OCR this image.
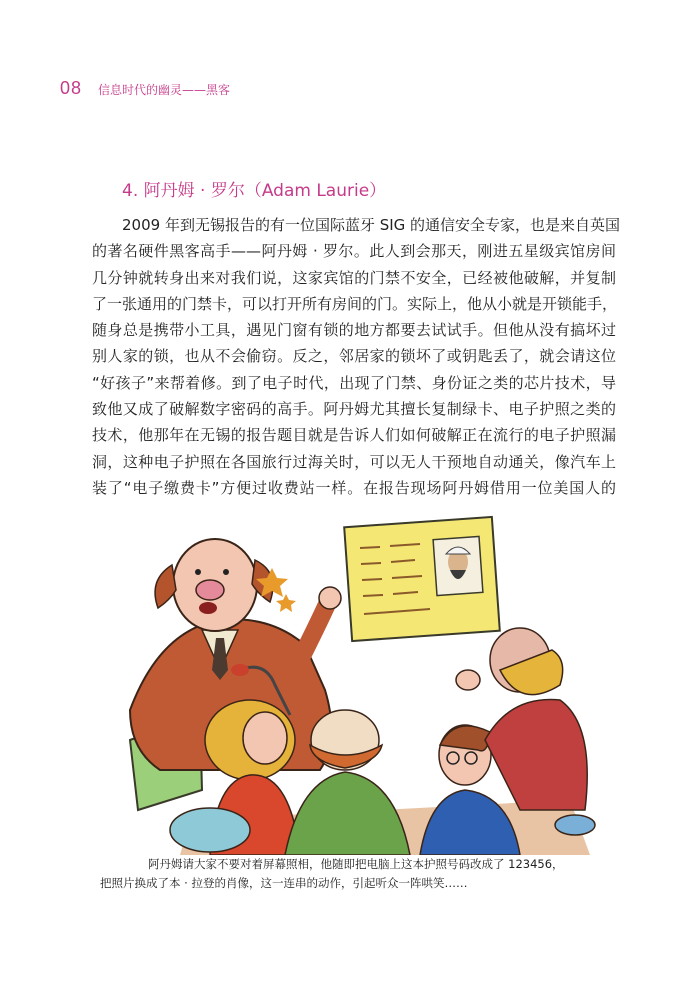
08 信息时代的幽灵——黑客
4. 阿丹姆 · 罗尔（Adam Laurie）
2009 年到无锡报告的有一位国际蓝牙 SIG 的通信安全专家，也是来自英国
的著名硬件黑客高手——阿丹姆 · 罗尔。此人到会那天，刚进五星级宾馆房间
几分钟就转身出来对我们说，这家宾馆的门禁不安全，已经被他破解，并复制
了一张通用的门禁卡，可以打开所有房间的门。实际上，他从小就是开锁能手，
随身总是携带小工具，遇见门窗有锁的地方都要去试试手。但他从没有搞坏过
别人家的锁，也从不会偷窃。反之，邻居家的锁坏了或钥匙丢了，就会请这位
“好孩子”来帮着修。到了电子时代，出现了门禁、身份证之类的芯片技术，导
致他又成了破解数字密码的高手。阿丹姆尤其擅长复制绿卡、电子护照之类的
技术，他那年在无锡的报告题目就是告诉人们如何破解正在流行的电子护照漏
洞，这种电子护照在各国旅行过海关时，可以无人干预地自动通关，像汽车上
装了“电子缴费卡”方便过收费站一样。在报告现场阿丹姆借用一位美国人的
阿丹姆请大家不要对着屏幕照相，他随即把电脑上这本护照号码改成了 123456，
把照片换成了本 · 拉登的肖像，这一连串的动作，引起听众一阵哄笑……
